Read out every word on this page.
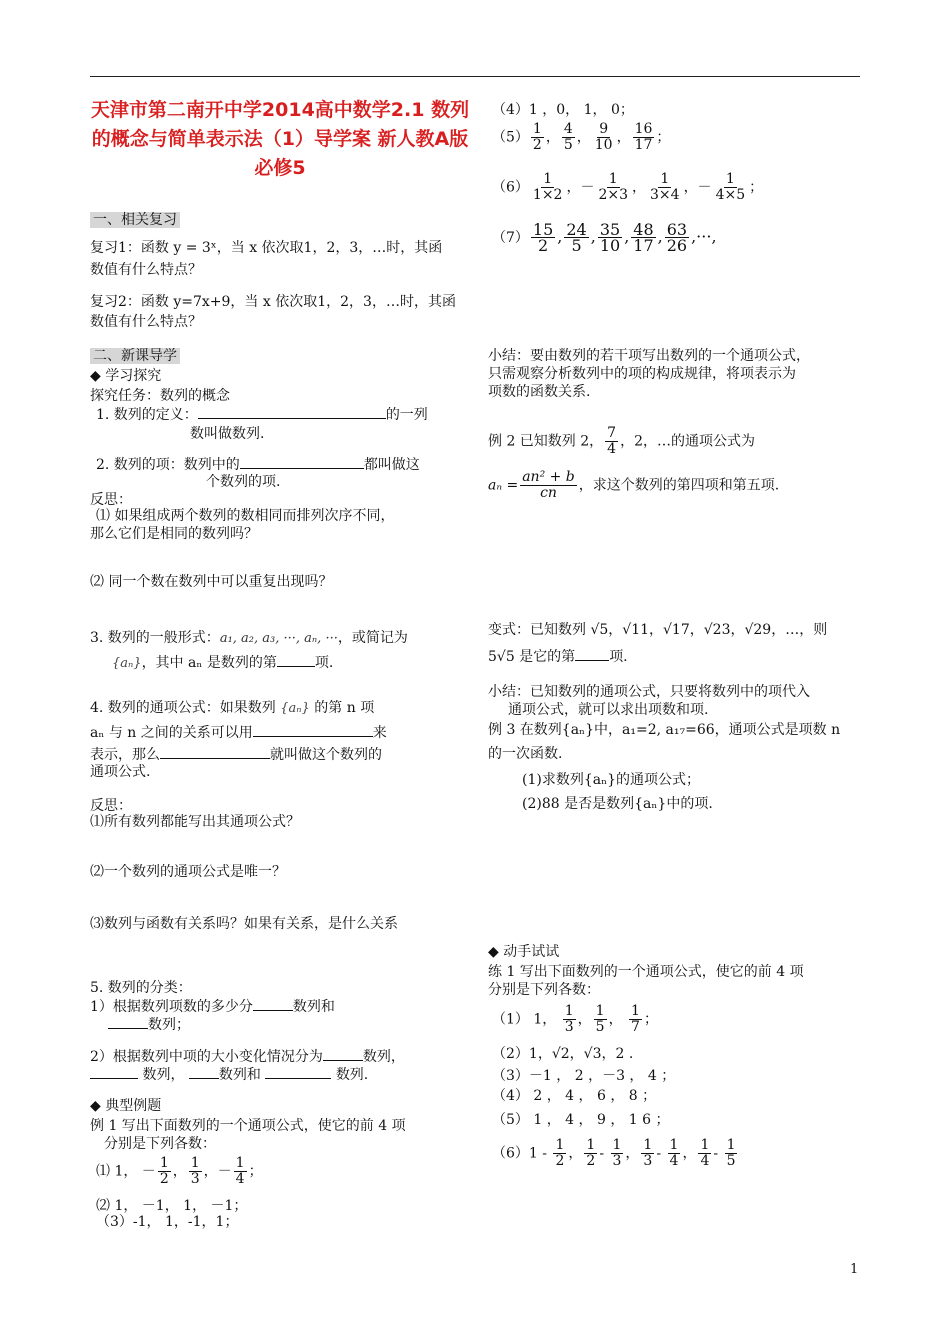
天津市第二南开中学2014高中数学2.1 数列的概念与简单表示法（1）导学案 新人教A版必修5
一、相关复习
复习1：函数 y = 3ˣ，当 x 依次取1，2，3，…时，其函
数值有什么特点？
复习2：函数 y=7x+9，当 x 依次取1，2，3，…时，其函
数值有什么特点？
二、新课导学
◆ 学习探究
探究任务：数列的概念
1. 数列的定义：	的一列
数叫做数列.
2. 数列的项：数列中的	都叫做这
个数列的项.
反思：
⑴ 如果组成两个数列的数相同而排列次序不同，
那么它们是相同的数列吗？
⑵ 同一个数在数列中可以重复出现吗？
3. 数列的一般形式：a₁, a₂, a₃, ···, aₙ, ···，或简记为
{aₙ}，其中 aₙ 是数列的第	项.
4. 数列的通项公式：如果数列 {aₙ} 的第 n 项
aₙ 与 n 之间的关系可以用	来
表示，那么	就叫做这个数列的
通项公式.
反思：
⑴所有数列都能写出其通项公式？
⑵一个数列的通项公式是唯一？
⑶数列与函数有关系吗？如果有关系，是什么关系
5. 数列的分类：
1）根据数列项数的多少分	数列和
数列；
2）根据数列中项的大小变化情况分为	数列，
数列， 数列和	数列.
◆ 典型例题
例 1 写出下面数列的一个通项公式，使它的前 4 项
分别是下列各数：
⑴ 1， － $\frac{1}{2}$ ， $\frac{1}{3}$ ，－ $\frac{1}{4}$ ；
⑵ 1， －1， 1， －1；
（3）-1， 1，-1，1；
（4）1 ，0， 1， 0；
$(5) \frac{1}{2}$ ， $\frac{4}{5}$ ， $\frac{9}{10}$ ， $\frac{16}{17}$ ；
$(6) \frac{1}{1\times 2}$ ，－ $\frac{1}{2\times 3}$ ， $\frac{1}{3\times 4}$ ，－ $\frac{1}{4\times 5}$ ；
$(7) \frac{15}{2}$ , $\frac{24}{5}$ , $\frac{35}{10}$ , $\frac{48}{17}$ , $\frac{63}{26}$ ,···,
小结：要由数列的若干项写出数列的一个通项公式，
只需观察分析数列中的项的构成规律，将项表示为
项数的函数关系.
例 2 已知数列 2， $\frac{7}{4}$ ，2，…的通项公式为
$a_n = \frac{\text{an² + b}}{cn}$ ，求这个数列的第四项和第五项.
变式：已知数列 √5，√11，√17，√23，√29，…，则
5√5 是它的第 项.
小结：已知数列的通项公式，只要将数列中的项代入
通项公式，就可以求出项数和项.
例 3 在数列{aₙ}中，a₁=2, a₁₇=66，通项公式是项数 n
的一次函数.
(1)求数列{aₙ}的通项公式；
(2)88 是否是数列{aₙ}中的项.
◆ 动手试试
练 1 写出下面数列的一个通项公式，使它的前 4 项
分别是下列各数：
（1） 1， $\frac{1}{3}$ ， $\frac{1}{5}$ ， $\frac{1}{7}$ ；
（2）1，√2，√3，2 .
（3）－1 ， 2 ，－3 ， 4 ；
（4） 2 ， 4 ， 6 ， 8 ；
（5） 1 ， 4 ， 9 ， 1 6 ；
$(6)1 - \frac{1}{2}$ ， $\frac{1}{2} - \frac{1}{3}$ ， $\frac{1}{3} - \frac{1}{4}$ ， $\frac{1}{4} - \frac{1}{5}$
1
